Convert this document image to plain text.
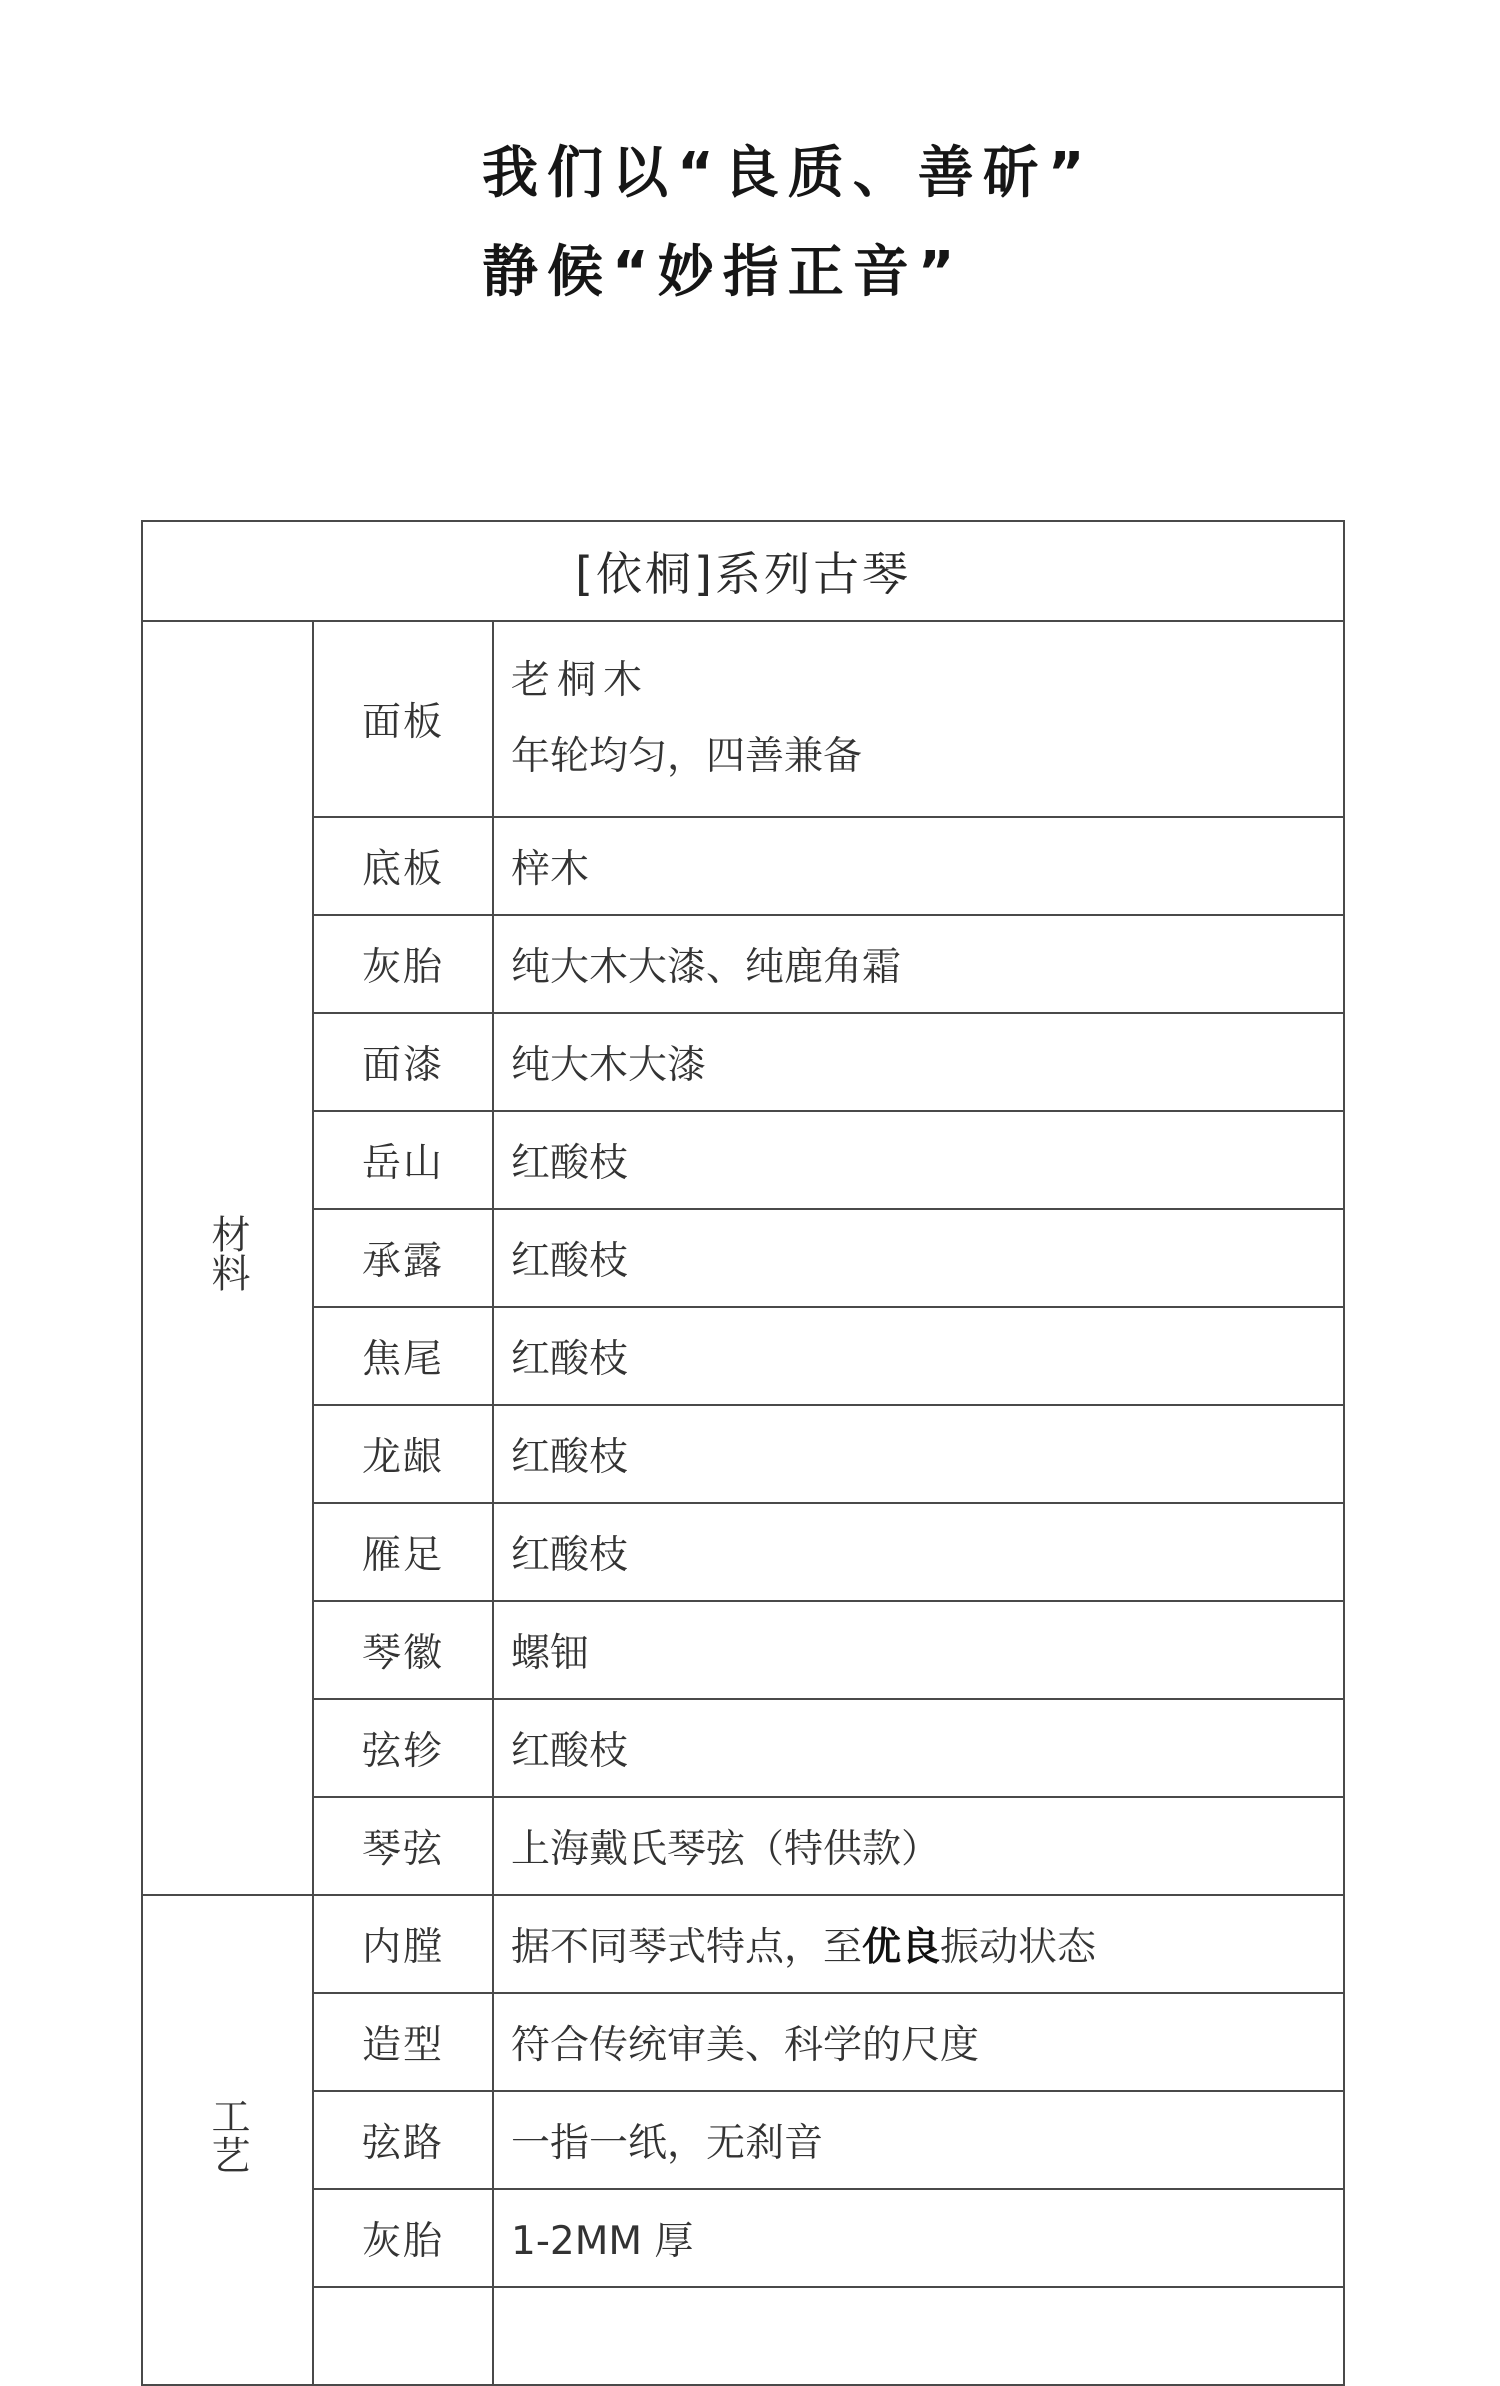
我们以“良质、善斫”
静候“妙指正音”
[依桐]系列古琴		
材料	面板	老桐木
年轮均匀，四善兼备

	底板	梓木
	灰胎	纯大木大漆、纯鹿角霜
	面漆	纯大木大漆
	岳山	红酸枝
	承露	红酸枝
	焦尾	红酸枝
	龙龈	红酸枝
	雁足	红酸枝
	琴徽	螺钿
	弦轸	红酸枝
	琴弦	上海戴氏琴弦（特供款）
工艺	内膛	据不同琴式特点，至优良振动状态
	造型	符合传统审美、科学的尺度
	弦路	一指一纸，无刹音
	灰胎	1-2MM 厚
